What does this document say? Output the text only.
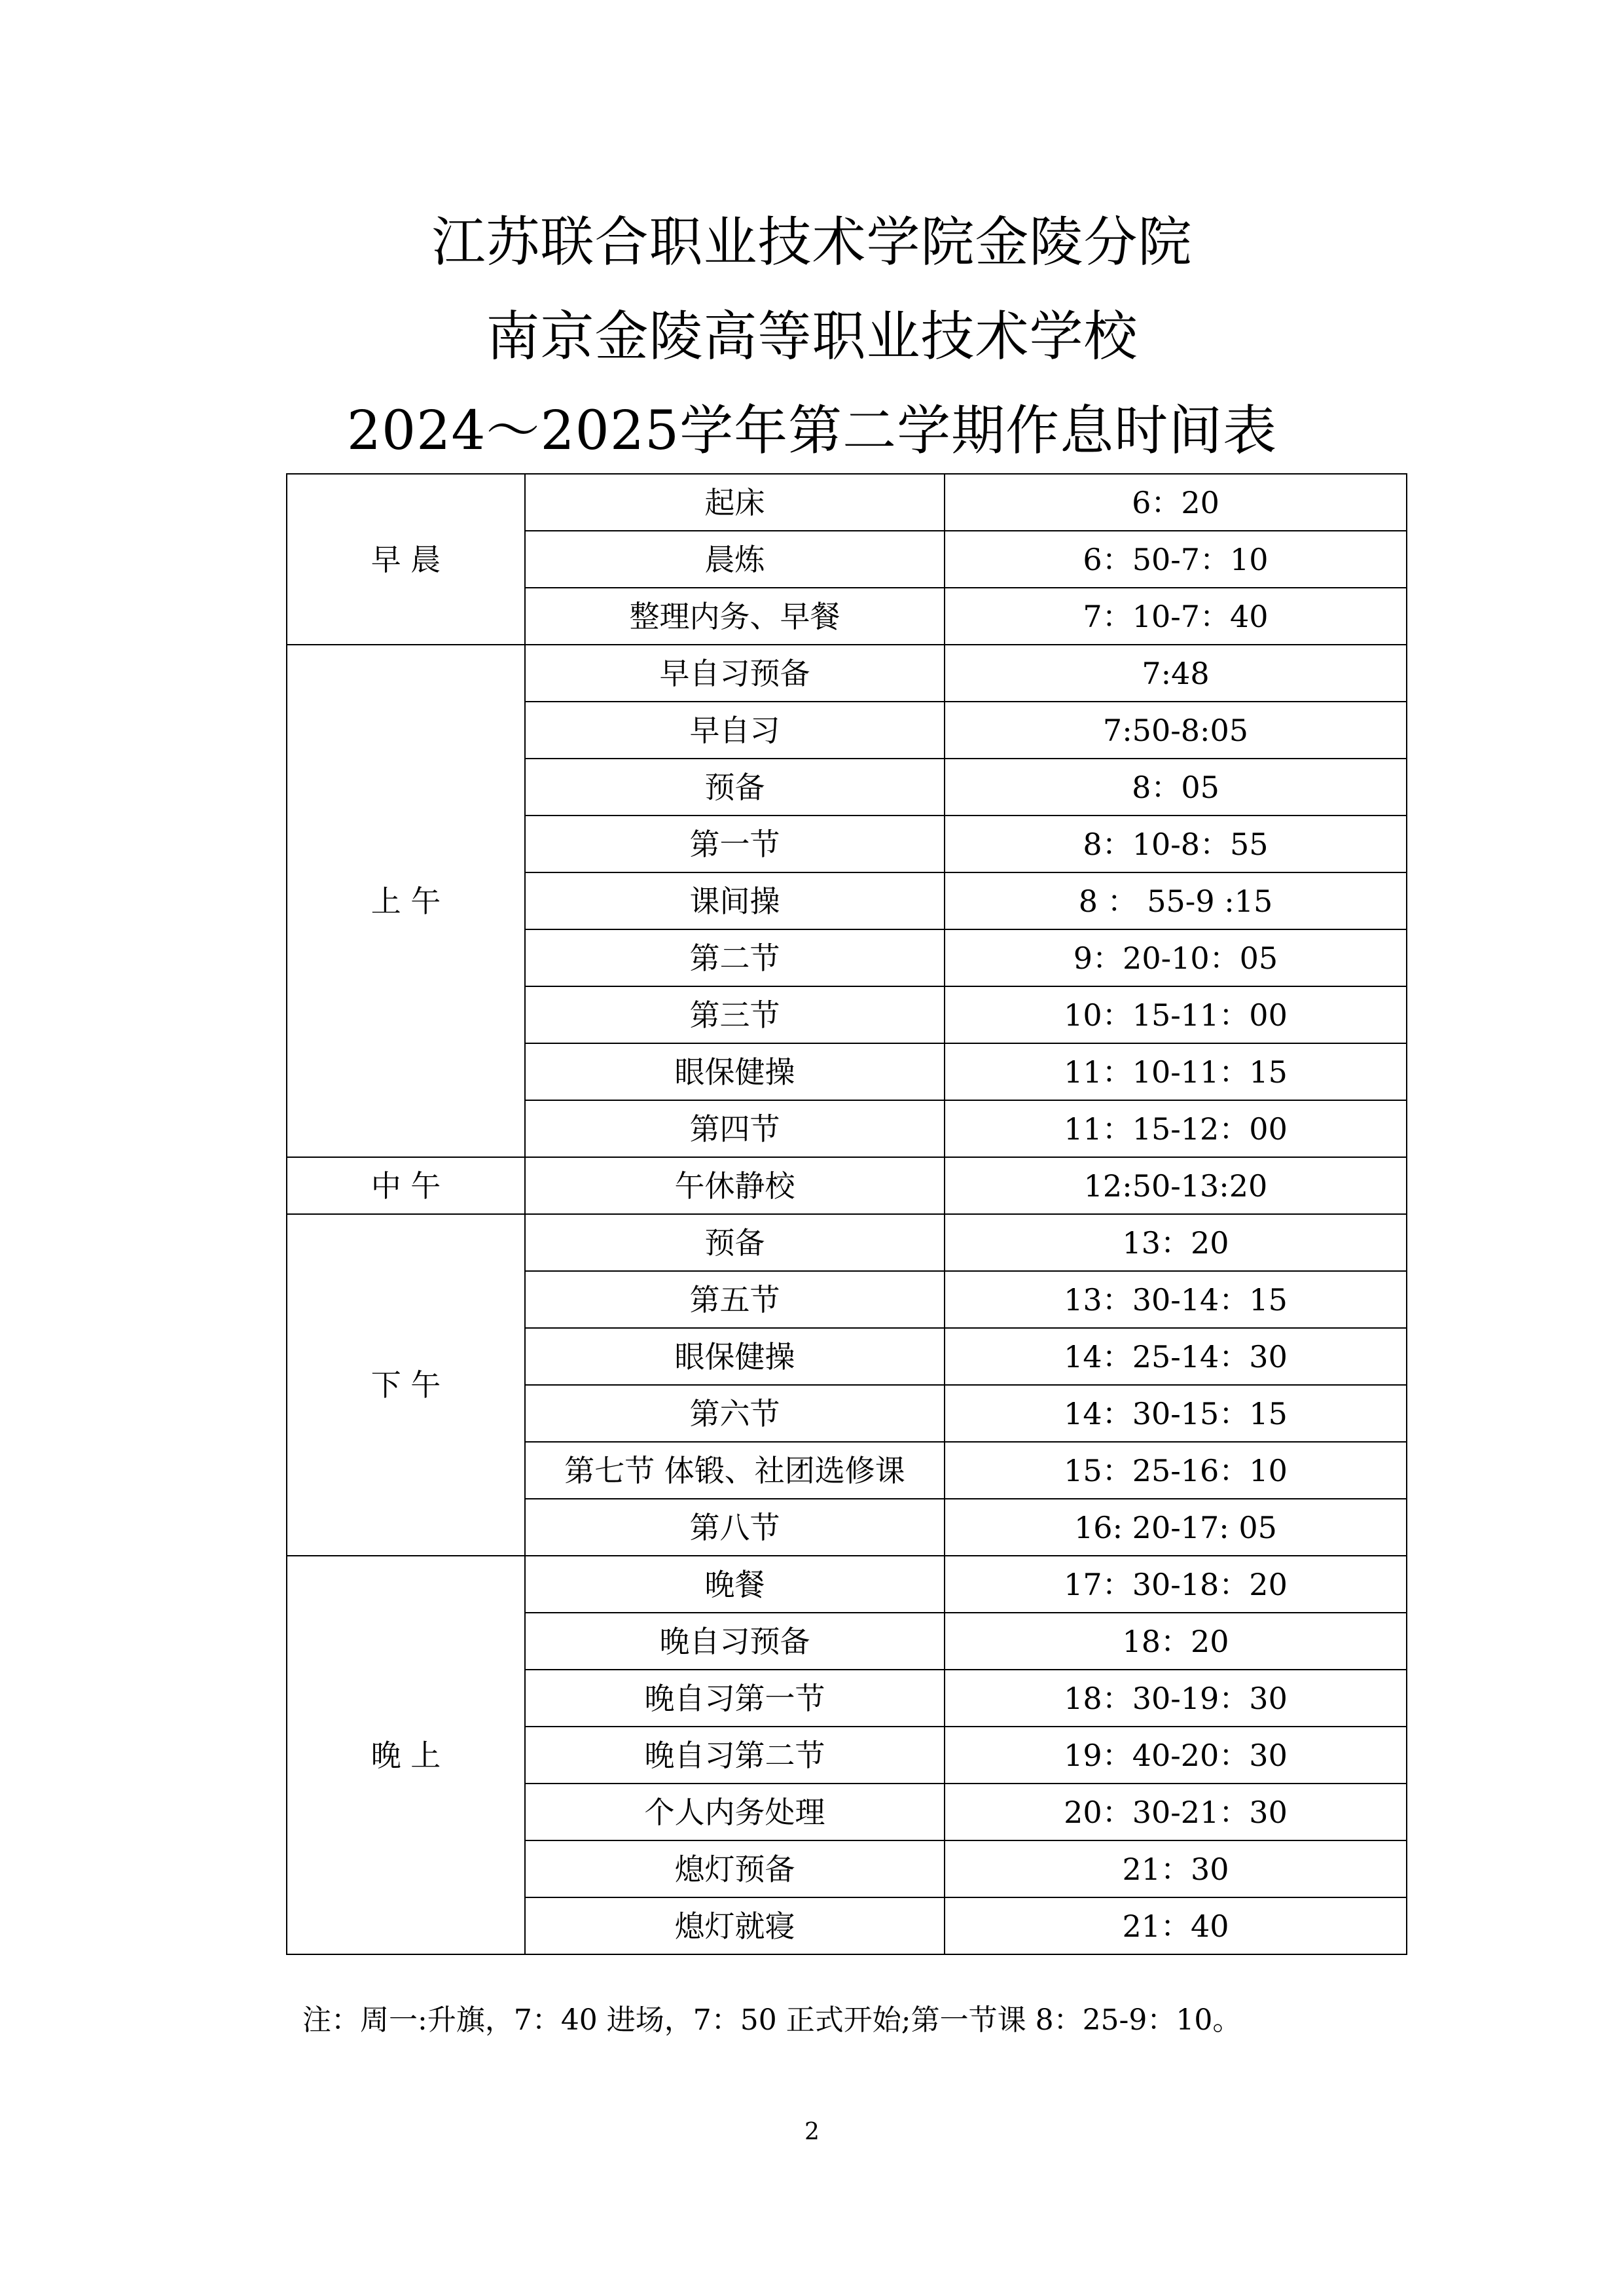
江苏联合职业技术学院金陵分院
南京金陵高等职业技术学校
2024～2025学年第二学期作息时间表
早 晨	起床	6：20
	晨炼	6：50-7：10
	整理内务、早餐	7：10-7：40
上 午	早自习预备	7:48
	早自习	7:50-8:05
	预备	8：05
	第一节	8：10-8：55
	课间操	8 ： 55-9 :15
	第二节	9：20-10：05
	第三节	10：15-11：00
	眼保健操	11：10-11：15
	第四节	11：15-12：00
中 午	午休静校	12:50-13:20
下 午	预备	13：20
	第五节	13：30-14：15
	眼保健操	14：25-14：30
	第六节	14：30-15：15
	第七节 体锻、社团选修课	15：25-16：10
	第八节	16: 20-17: 05
晚 上	晚餐	17：30-18：20
	晚自习预备	18：20
	晚自习第一节	18：30-19：30
	晚自习第二节	19：40-20：30
	个人内务处理	20：30-21：30
	熄灯预备	21：30
	熄灯就寝	21：40
注：周一:升旗，7：40 进场，7：50 正式开始;第一节课 8：25-9：10。
2
